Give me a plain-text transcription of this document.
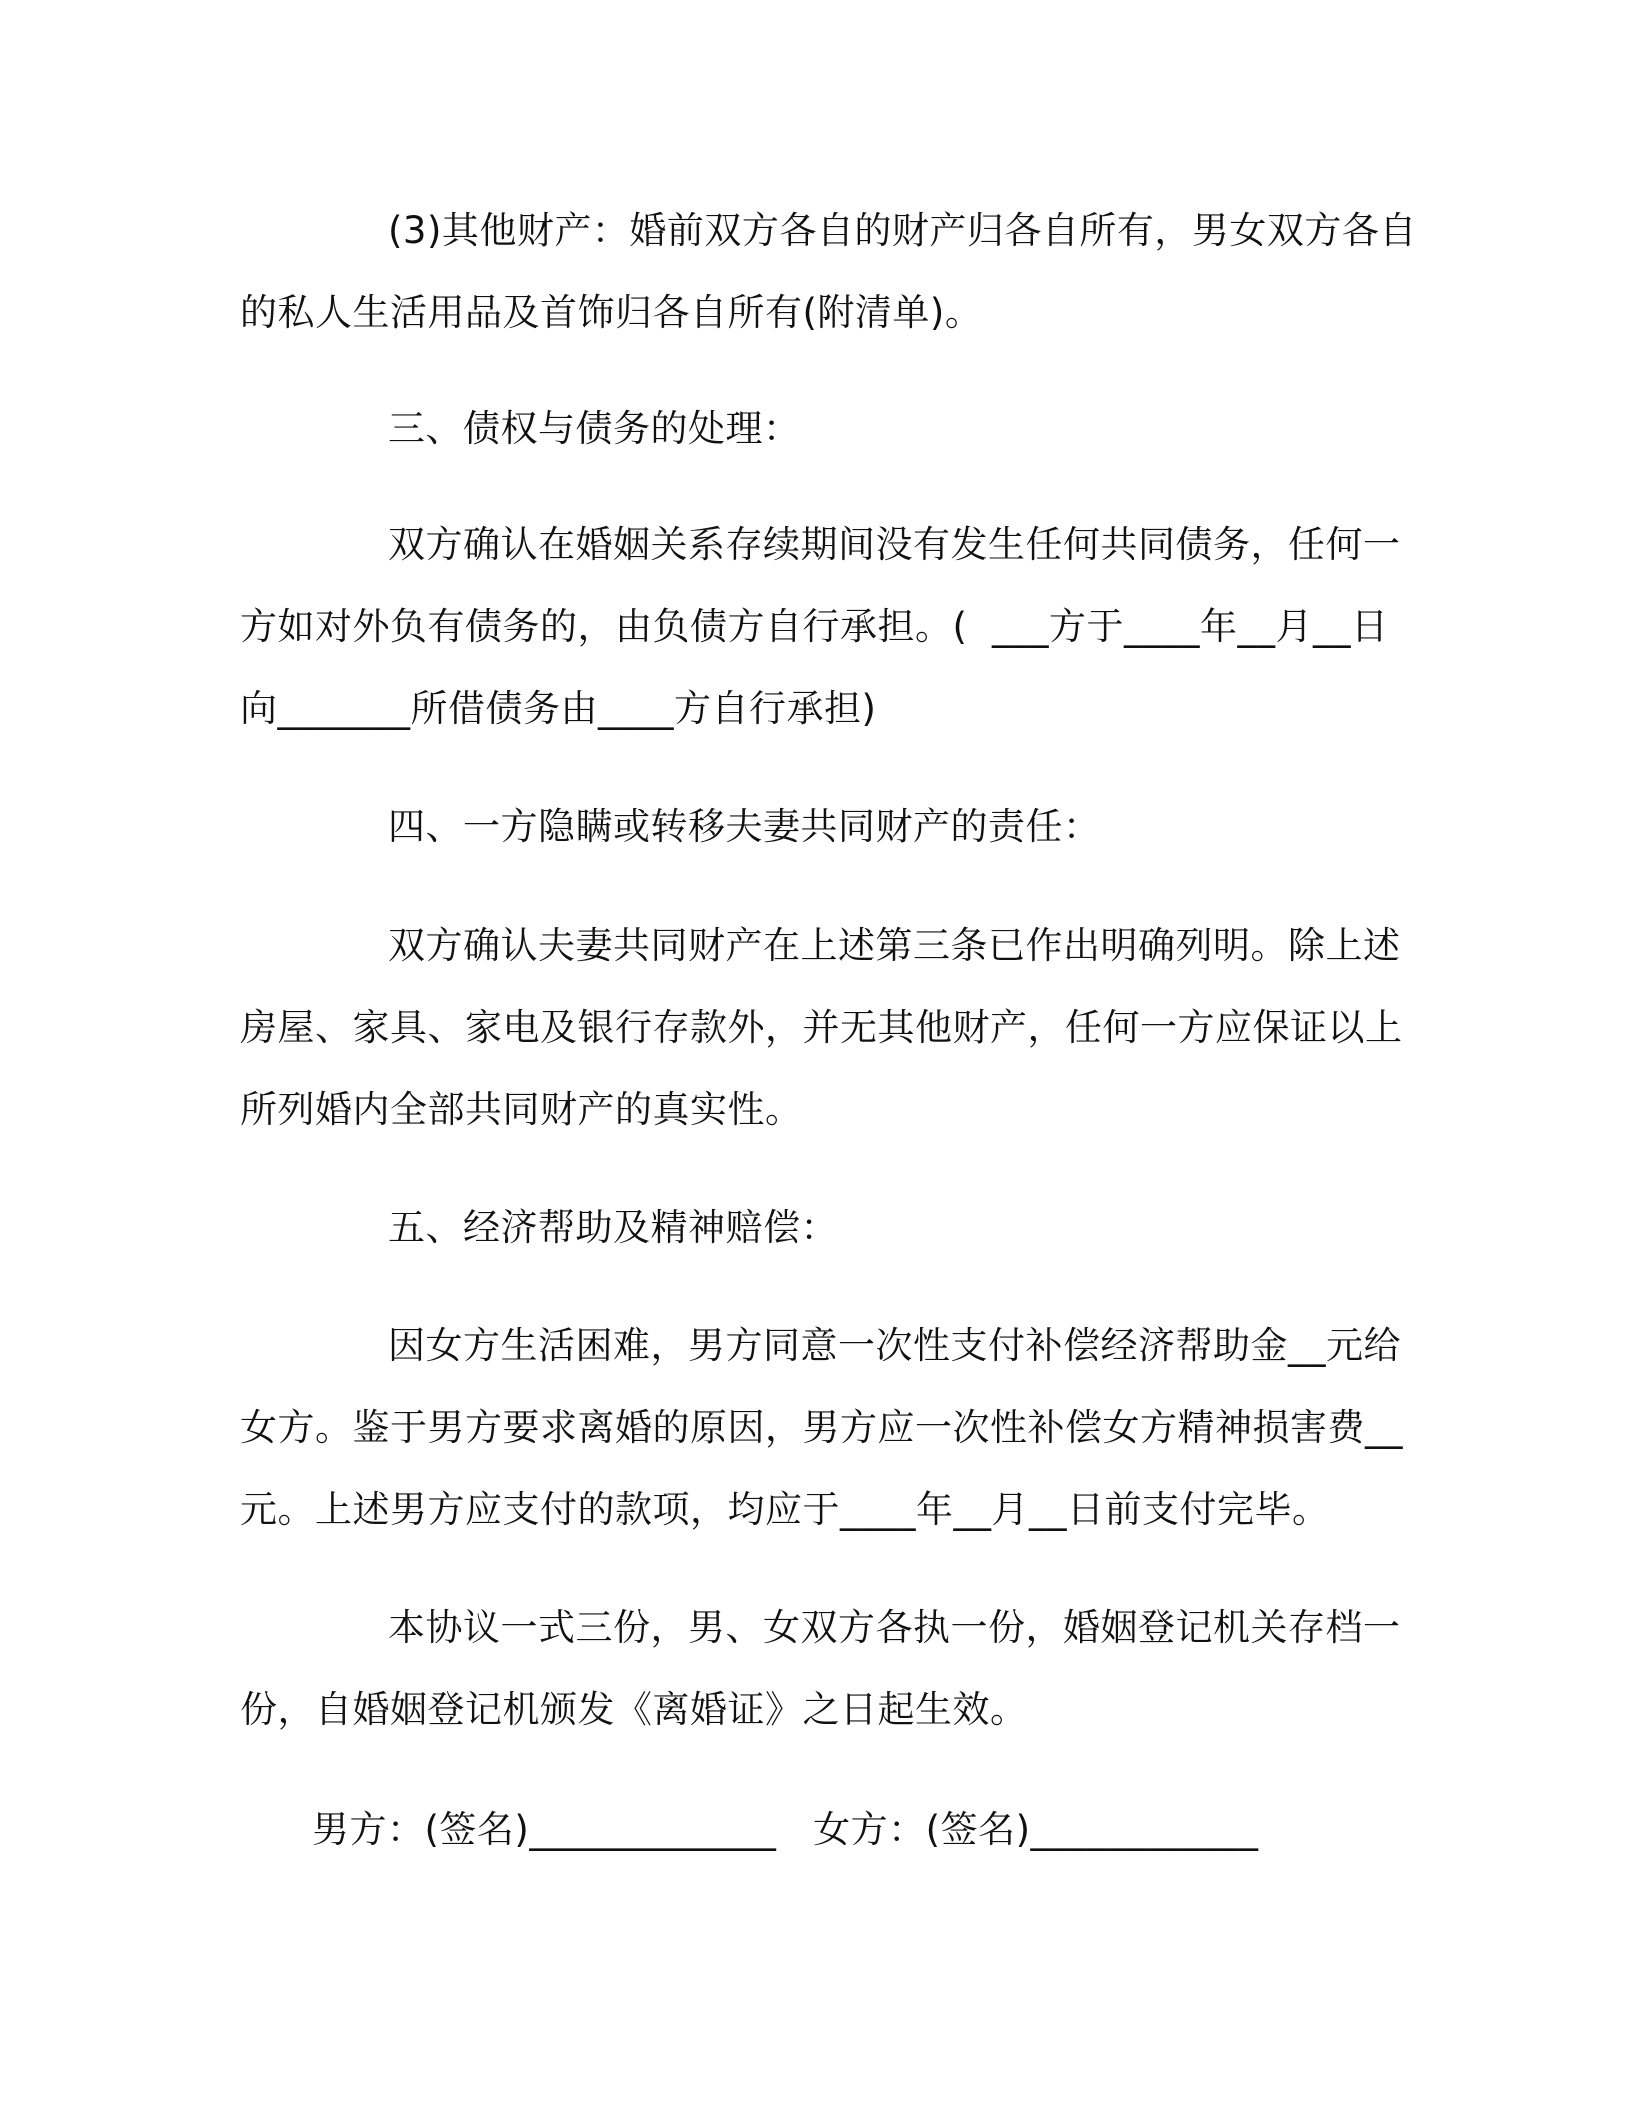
(3)其他财产：婚前双方各自的财产归各自所有，男女双方各自
的私人生活用品及首饰归各自所有(附清单)。
三、债权与债务的处理：
双方确认在婚姻关系存续期间没有发生任何共同债务，任何一
方如对外负有债务的，由负债方自行承担。(  ___方于____年__月__日
向_______所借债务由____方自行承担)
四、一方隐瞒或转移夫妻共同财产的责任：
双方确认夫妻共同财产在上述第三条已作出明确列明。除上述
房屋、家具、家电及银行存款外，并无其他财产，任何一方应保证以上
所列婚内全部共同财产的真实性。
五、经济帮助及精神赔偿：
因女方生活困难，男方同意一次性支付补偿经济帮助金__元给
女方。鉴于男方要求离婚的原因，男方应一次性补偿女方精神损害费__
元。上述男方应支付的款项，均应于____年__月__日前支付完毕。
本协议一式三份，男、女双方各执一份，婚姻登记机关存档一
份，自婚姻登记机颁发《离婚证》之日起生效。
男方：(签名)_____________   女方：(签名)____________
